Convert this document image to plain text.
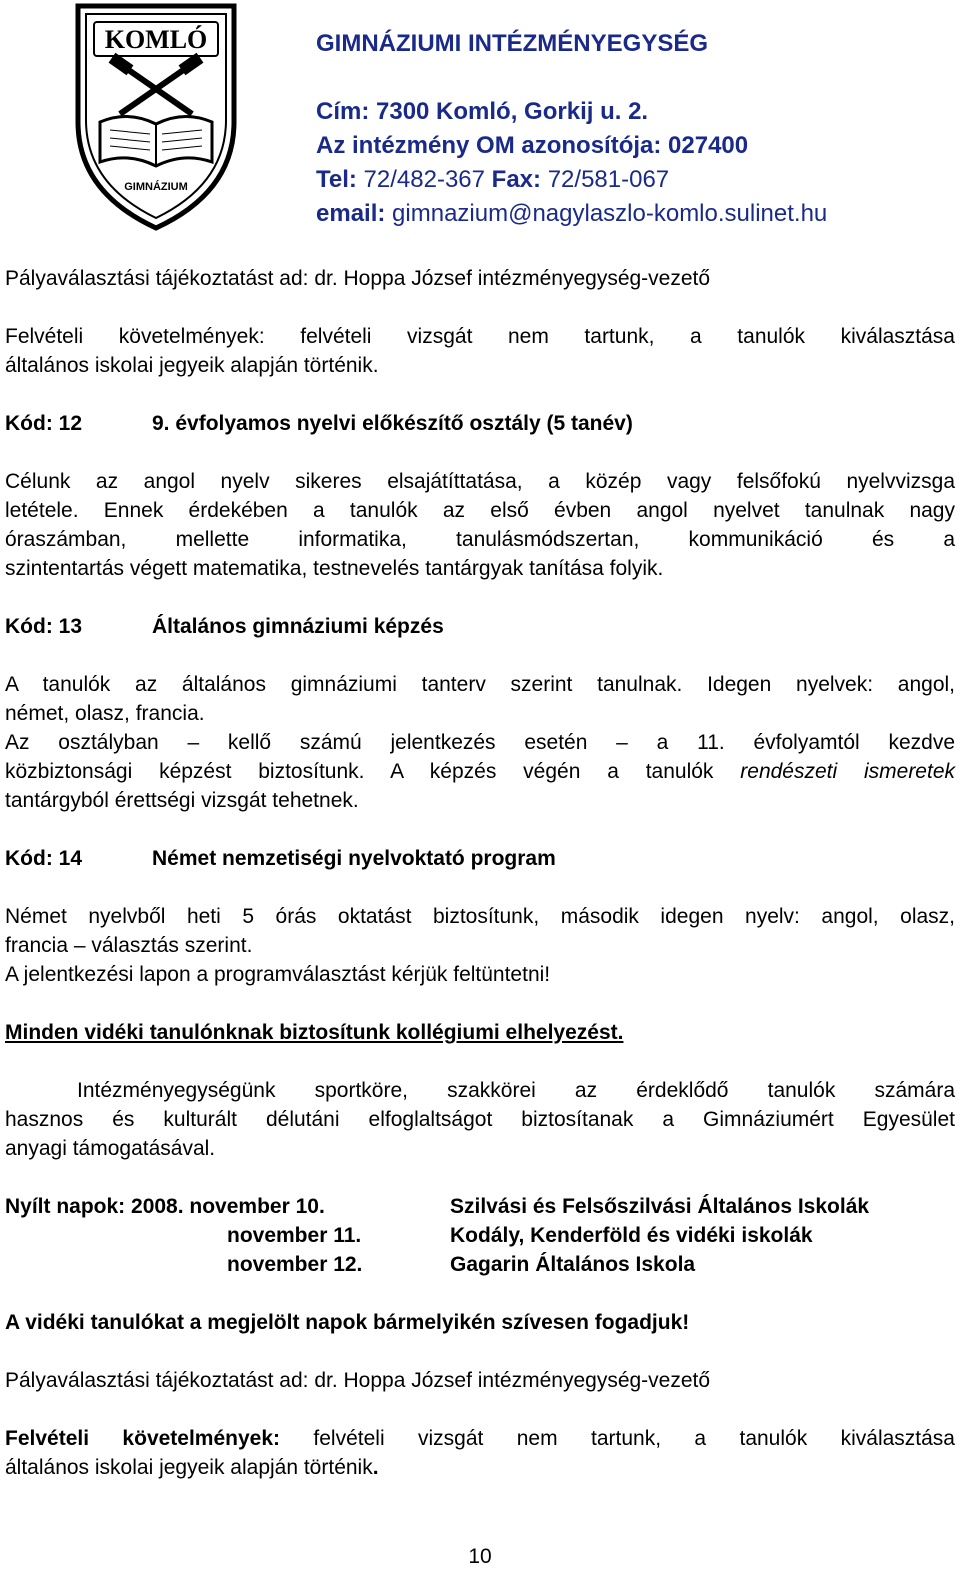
KOMLÓ
GIMNÁZIUM
GIMNÁZIUMI INTÉZMÉNYEGYSÉG
Cím: 7300 Komló, Gorkij u. 2.
Az intézmény OM azonosítója: 027400
Tel: 72/482-367 Fax: 72/581-067
email: gimnazium@nagylaszlo-komlo.sulinet.hu
Pályaválasztási tájékoztatást ad: dr. Hoppa József intézményegység-vezető
Felvételi követelmények: felvételi vizsgát nem tartunk, a tanulók kiválasztása
általános iskolai jegyeik alapján történik.
Kód: 12	9. évfolyamos nyelvi előkészítő osztály (5 tanév)
Célunk az angol nyelv sikeres elsajátíttatása, a közép vagy felsőfokú nyelvvizsga
letétele. Ennek érdekében a tanulók az első évben angol nyelvet tanulnak nagy
óraszámban, mellette informatika, tanulásmódszertan, kommunikáció és a
szintentartás végett matematika, testnevelés tantárgyak tanítása folyik.
Kód: 13	Általános gimnáziumi képzés
A tanulók az általános gimnáziumi tanterv szerint tanulnak. Idegen nyelvek: angol,
német, olasz, francia.
Az osztályban – kellő számú jelentkezés esetén – a 11. évfolyamtól kezdve
közbiztonsági képzést biztosítunk. A képzés végén a tanulók rendészeti ismeretek
tantárgyból érettségi vizsgát tehetnek.
Kód: 14	Német nemzetiségi nyelvoktató program
Német nyelvből heti 5 órás oktatást biztosítunk, második idegen nyelv: angol, olasz,
francia – választás szerint.
A jelentkezési lapon a programválasztást kérjük feltüntetni!
Minden vidéki tanulónknak biztosítunk kollégiumi elhelyezést.
Intézményegységünk sportköre, szakkörei az érdeklődő tanulók számára
hasznos és kulturált délutáni elfoglaltságot biztosítanak a Gimnáziumért Egyesület
anyagi támogatásával.
Nyílt napok: 2008. november 10.	Szilvási és Felsőszilvási Általános Iskolák
november 11.	Kodály, Kenderföld és vidéki iskolák
november 12.	Gagarin Általános Iskola
A vidéki tanulókat a megjelölt napok bármelyikén szívesen fogadjuk!
Pályaválasztási tájékoztatást ad: dr. Hoppa József intézményegység-vezető
Felvételi követelmények: felvételi vizsgát nem tartunk, a tanulók kiválasztása
általános iskolai jegyeik alapján történik.
10
